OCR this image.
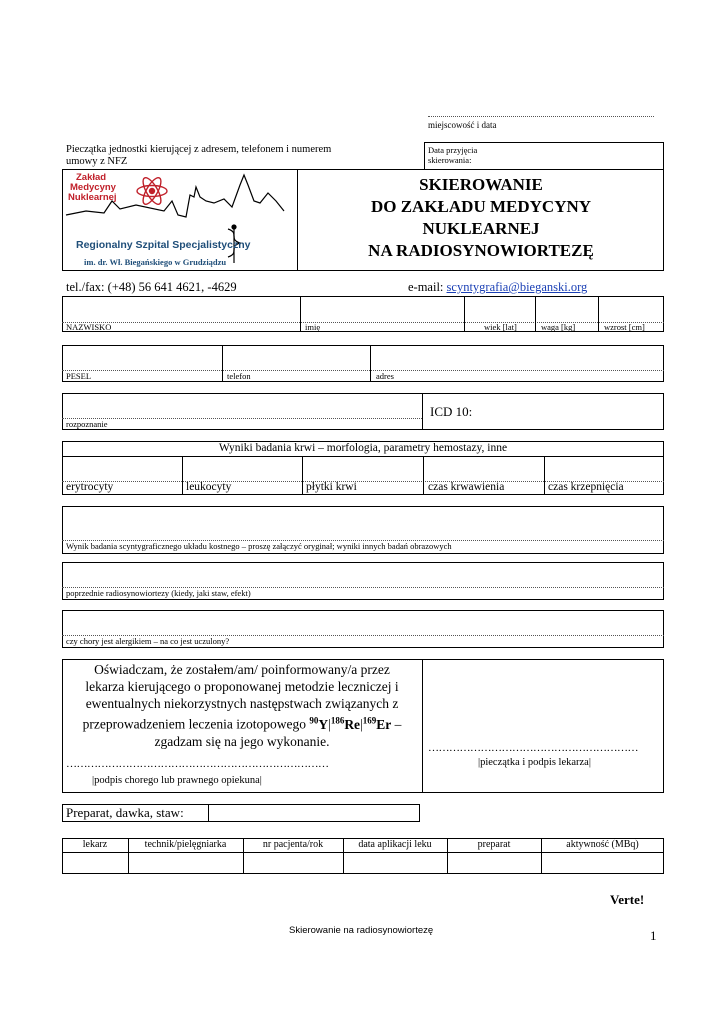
miejscowość i data
Pieczątka jednostki kierującej z adresem, telefonem i numerem umowy z NFZ
Data przyjęcia skierowania:
Zakład
Medycyny
Nuklearnej
Regionalny Szpital Specjalistyczny
im. dr. Wł. Biegańskiego w Grudziądzu
SKIEROWANIE
DO ZAKŁADU MEDYCYNY
NUKLEARNEJ
NA RADIOSYNOWIORTEZĘ
tel./fax: (+48) 56 641 4621, -4629	e-mail: scyntygrafia@bieganski.org
NAZWISKO	imię	wiek [lat]	waga [kg]	wzrost [cm]
PESEL	telefon	adres
rozpoznanie
ICD 10:
Wyniki badania krwi – morfologia, parametry hemostazy, inne
erytrocyty	leukocyty	płytki krwi	czas krwawienia	czas krzepnięcia
Wynik badania scyntygraficznego układu kostnego – proszę załączyć oryginał; wyniki innych badań obrazowych
poprzednie radiosynowiortezy (kiedy, jaki staw, efekt)
czy chory jest alergikiem – na co jest uczulony?
Oświadczam, że zostałem/am/ poinformowany/a przez
lekarza kierującego o proponowanej metodzie leczniczej i
ewentualnych niekorzystnych następstwach związanych z
przeprowadzeniem leczenia izotopowego $^{90}Y|^{186}Re|^{169}Er$ –
zgadzam się na jego wykonanie.
…………………………………………………………………
|podpis chorego lub prawnego opiekuna|
……………………………………………………
|pieczątka i podpis lekarza|
Preparat, dawka, staw:
lekarz	technik/pielęgniarka	nr pacjenta/rok	data aplikacji leku	preparat	aktywność (MBq)
Verte!
Skierowanie na radiosynowiortezę	1
